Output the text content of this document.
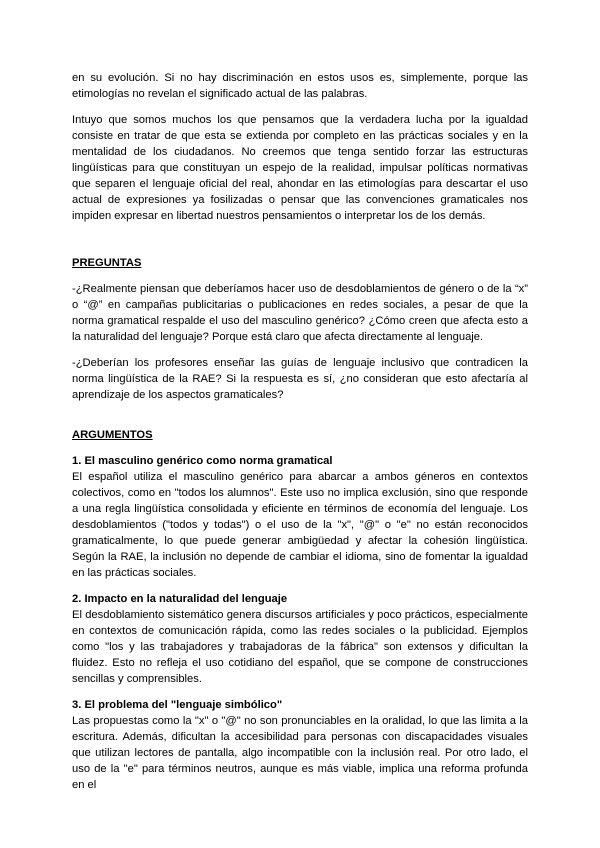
en su evolución. Si no hay discriminación en estos usos es, simplemente, porque las etimologías no revelan el significado actual de las palabras.

Intuyo que somos muchos los que pensamos que la verdadera lucha por la igualdad consiste en tratar de que esta se extienda por completo en las prácticas sociales y en la mentalidad de los ciudadanos. No creemos que tenga sentido forzar las estructuras lingüísticas para que constituyan un espejo de la realidad, impulsar políticas normativas que separen el lenguaje oficial del real, ahondar en las etimologías para descartar el uso actual de expresiones ya fosilizadas o pensar que las convenciones gramaticales nos impiden expresar en libertad nuestros pensamientos o interpretar los de los demás.

PREGUNTAS

-¿Realmente piensan que deberíamos hacer uso de desdoblamientos de género o de la “x” o “@” en campañas publicitarias o publicaciones en redes sociales, a pesar de que la norma gramatical respalde el uso del masculino genérico? ¿Cómo creen que afecta esto a la naturalidad del lenguaje? Porque está claro que afecta directamente al lenguaje.

-¿Deberían los profesores enseñar las guías de lenguaje inclusivo que contradicen la norma lingüística de la RAE? Si la respuesta es sí, ¿no consideran que esto afectaría al aprendizaje de los aspectos gramaticales?

ARGUMENTOS

1. El masculino genérico como norma gramatical

El español utiliza el masculino genérico para abarcar a ambos géneros en contextos colectivos, como en "todos los alumnos". Este uso no implica exclusión, sino que responde a una regla lingüística consolidada y eficiente en términos de economía del lenguaje. Los desdoblamientos ("todos y todas") o el uso de la "x", "@" o "e" no están reconocidos gramaticalmente, lo que puede generar ambigüedad y afectar la cohesión lingüística. Según la RAE, la inclusión no depende de cambiar el idioma, sino de fomentar la igualdad en las prácticas sociales.

2. Impacto en la naturalidad del lenguaje

El desdoblamiento sistemático genera discursos artificiales y poco prácticos, especialmente en contextos de comunicación rápida, como las redes sociales o la publicidad. Ejemplos como "los y las trabajadores y trabajadoras de la fábrica" son extensos y dificultan la fluidez. Esto no refleja el uso cotidiano del español, que se compone de construcciones sencillas y comprensibles.

3. El problema del "lenguaje simbólico"

Las propuestas como la "x" o "@" no son pronunciables en la oralidad, lo que las limita a la escritura. Además, dificultan la accesibilidad para personas con discapacidades visuales que utilizan lectores de pantalla, algo incompatible con la inclusión real. Por otro lado, el uso de la "e" para términos neutros, aunque es más viable, implica una reforma profunda en el
